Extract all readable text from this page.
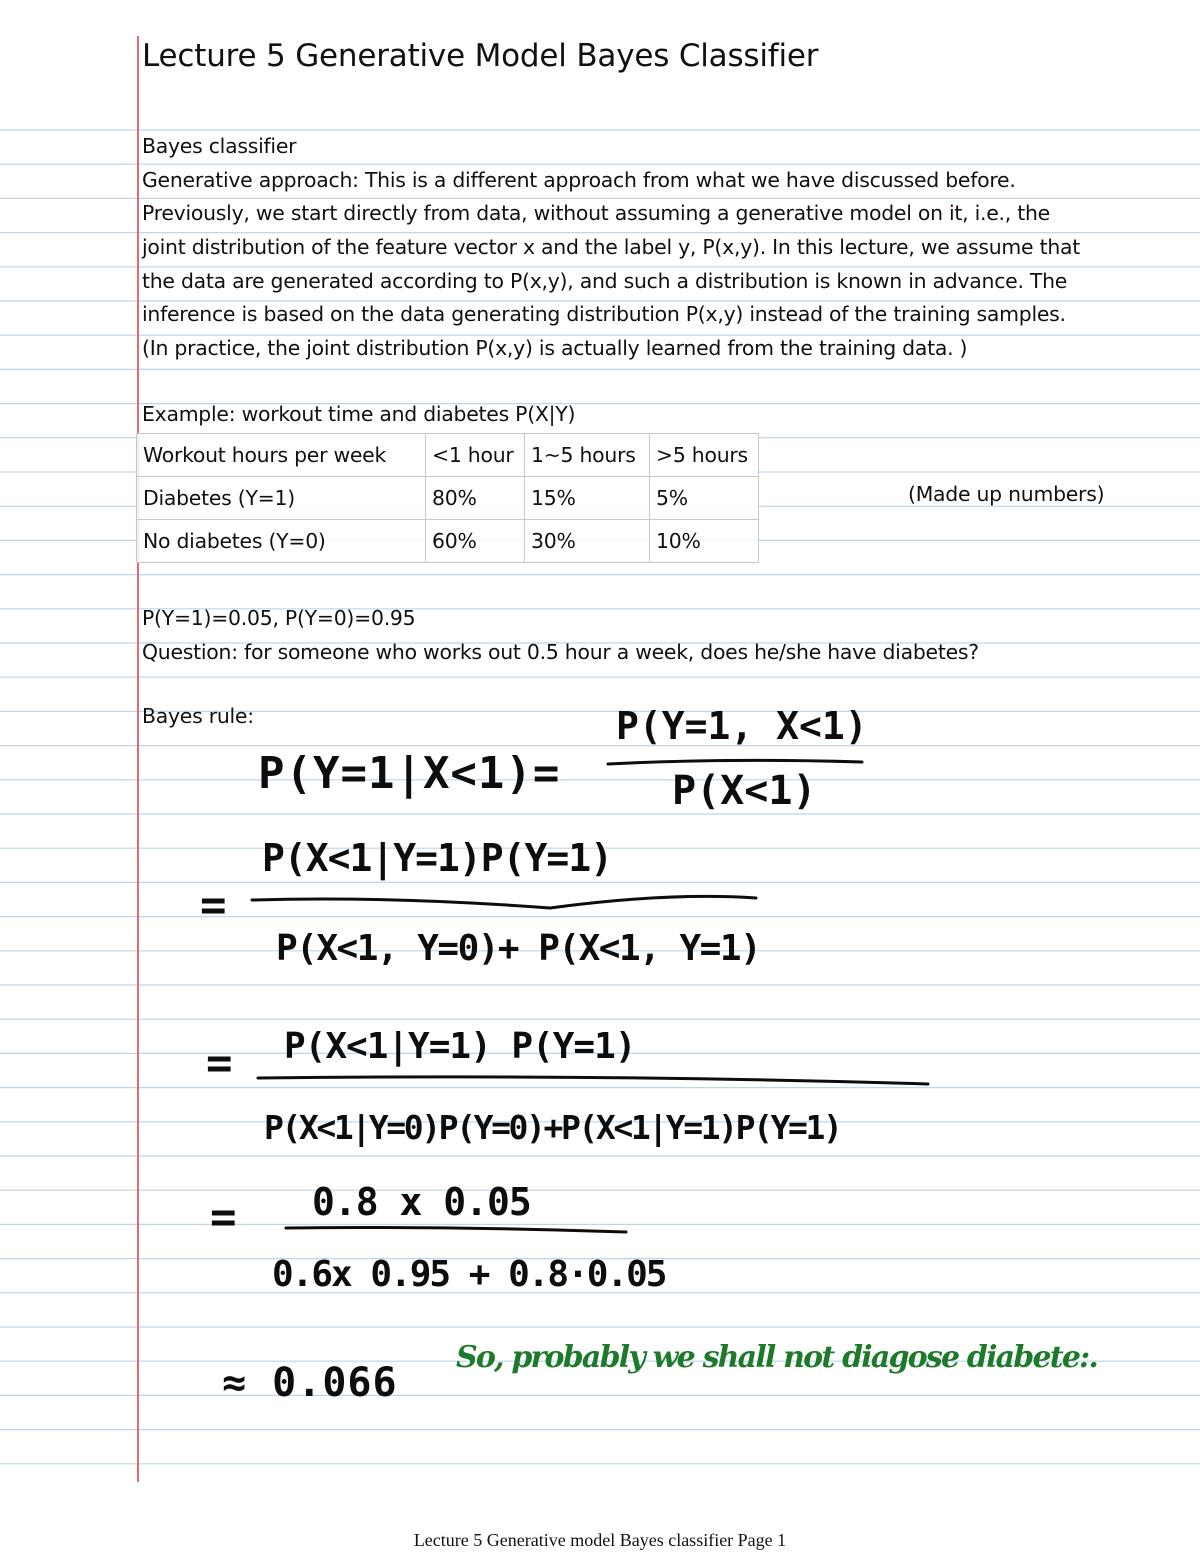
Lecture 5 Generative Model Bayes Classifier
Bayes classifier
Generative approach: This is a different approach from what we have discussed before.
Previously, we start directly from data, without assuming a generative model on it, i.e., the
joint distribution of the feature vector x and the label y, P(x,y). In this lecture, we assume that
the data are generated according to P(x,y), and such a distribution is known in advance. The
inference is based on the data generating distribution P(x,y) instead of the training samples.
(In practice, the joint distribution P(x,y) is actually learned from the training data. )
Example: workout time and diabetes P(X|Y)
Workout hours per week	<1 hour	1~5 hours	>5 hours
Diabetes (Y=1)	80%	15%	5%
No diabetes (Y=0)	60%	30%	10%
(Made up numbers)
P(Y=1)=0.05, P(Y=0)=0.95
Question: for someone who works out 0.5 hour a week, does he/she have diabetes?
Bayes rule:
P(Y=1|X<1)=
P(Y=1, X<1)
P(X<1)
P(X<1|Y=1)P(Y=1)
=
P(X<1, Y=0)+ P(X<1, Y=1)
P(X<1|Y=1) P(Y=1)
=
P(X<1|Y=0)P(Y=0)+P(X<1|Y=1)P(Y=1)
0.8 x 0.05
=
0.6x 0.95 + 0.8·0.05
≈ 0.066
So, probably we shall not diagose diabete:.
Lecture 5 Generative model Bayes classifier Page 1
